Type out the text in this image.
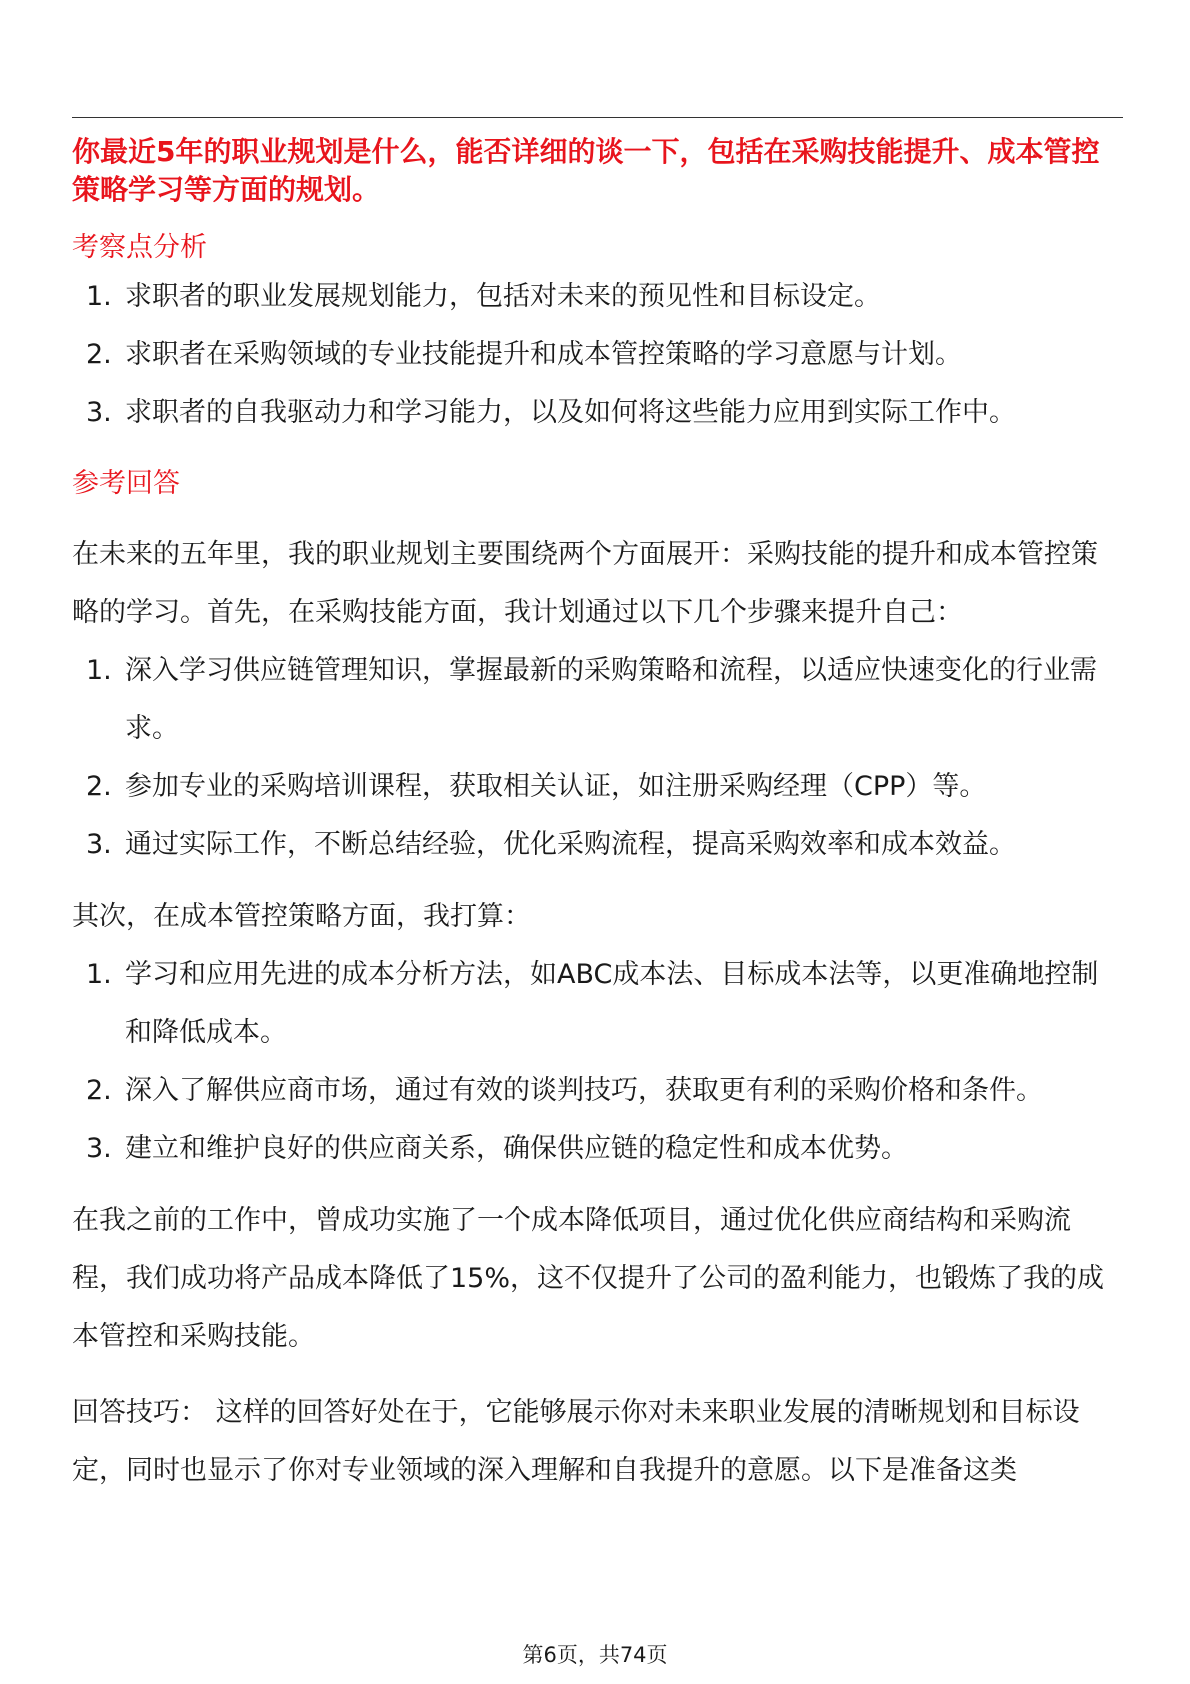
你最近5年的职业规划是什么，能否详细的谈一下，包括在采购技能提升、成本管控策略学习等方面的规划。

考察点分析
1. 求职者的职业发展规划能力，包括对未来的预见性和目标设定。
2. 求职者在采购领域的专业技能提升和成本管控策略的学习意愿与计划。
3. 求职者的自我驱动力和学习能力，以及如何将这些能力应用到实际工作中。
参考回答

在未来的五年里，我的职业规划主要围绕两个方面展开：采购技能的提升和成本管控策略的学习。首先，在采购技能方面，我计划通过以下几个步骤来提升自己：

1. 深入学习供应链管理知识，掌握最新的采购策略和流程，以适应快速变化的行业需求。
2. 参加专业的采购培训课程，获取相关认证，如注册采购经理（CPP）等。
3. 通过实际工作，不断总结经验，优化采购流程，提高采购效率和成本效益。

其次，在成本管控策略方面，我打算：

1. 学习和应用先进的成本分析方法，如ABC成本法、目标成本法等，以更准确地控制和降低成本。
2. 深入了解供应商市场，通过有效的谈判技巧，获取更有利的采购价格和条件。
3. 建立和维护良好的供应商关系，确保供应链的稳定性和成本优势。

在我之前的工作中，曾成功实施了一个成本降低项目，通过优化供应商结构和采购流程，我们成功将产品成本降低了15%，这不仅提升了公司的盈利能力，也锻炼了我的成本管控和采购技能。

回答技巧： 这样的回答好处在于，它能够展示你对未来职业发展的清晰规划和目标设定，同时也显示了你对专业领域的深入理解和自我提升的意愿。以下是准备这类

第6页，共74页
